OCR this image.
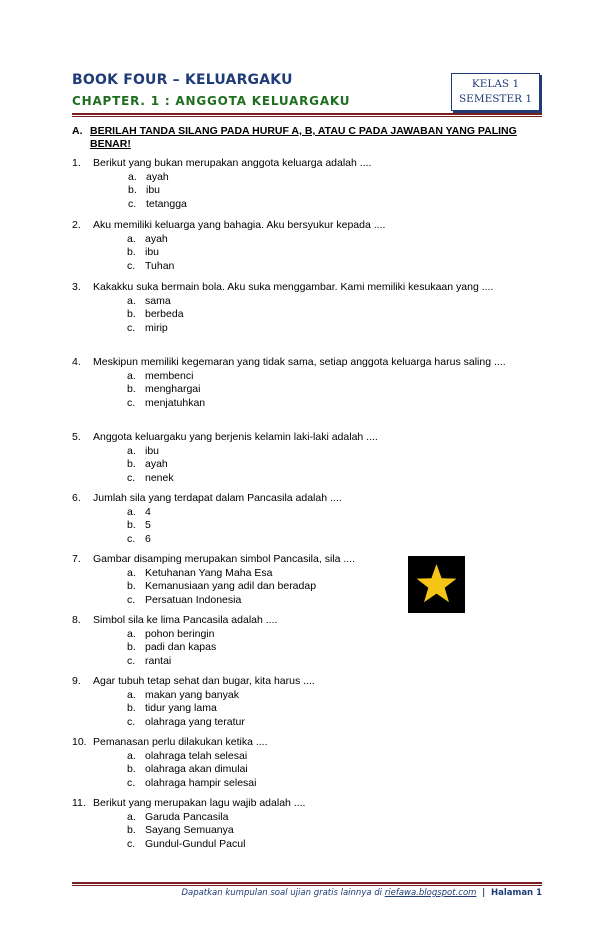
BOOK FOUR – KELUARGAKU
CHAPTER. 1 : ANGGOTA KELUARGAKU
KELAS 1
SEMESTER 1
A. BERILAH TANDA SILANG PADA HURUF A, B, ATAU C PADA JAWABAN YANG PALING BENAR!
1. Berikut yang bukan merupakan anggota keluarga adalah ....
a. ayah
b. ibu
c. tetangga
2. Aku memiliki keluarga yang bahagia. Aku bersyukur kepada ....
a. ayah
b. ibu
c. Tuhan
3. Kakakku suka bermain bola. Aku suka menggambar. Kami memiliki kesukaan yang ....
a. sama
b. berbeda
c. mirip
4. Meskipun memiliki kegemaran yang tidak sama, setiap anggota keluarga harus saling ....
a. membenci
b. menghargai
c. menjatuhkan
5. Anggota keluargaku yang berjenis kelamin laki-laki adalah ....
a. ibu
b. ayah
c. nenek
6. Jumlah sila yang terdapat dalam Pancasila adalah ....
a. 4
b. 5
c. 6
7. Gambar disamping merupakan simbol Pancasila, sila ....
a. Ketuhanan Yang Maha Esa
b. Kemanusiaan yang adil dan beradap
c. Persatuan Indonesia
8. Simbol sila ke lima Pancasila adalah ....
a. pohon beringin
b. padi dan kapas
c. rantai
9. Agar tubuh tetap sehat dan bugar, kita harus ....
a. makan yang banyak
b. tidur yang lama
c. olahraga yang teratur
10. Pemanasan perlu dilakukan ketika ....
a. olahraga telah selesai
b. olahraga akan dimulai
c. olahraga hampir selesai
11. Berikut yang merupakan lagu wajib adalah ....
a. Garuda Pancasila
b. Sayang Semuanya
c. Gundul-Gundul Pacul
Dapatkan kumpulan soal ujian gratis lainnya di riefawa.blogspot.com | Halaman 1
